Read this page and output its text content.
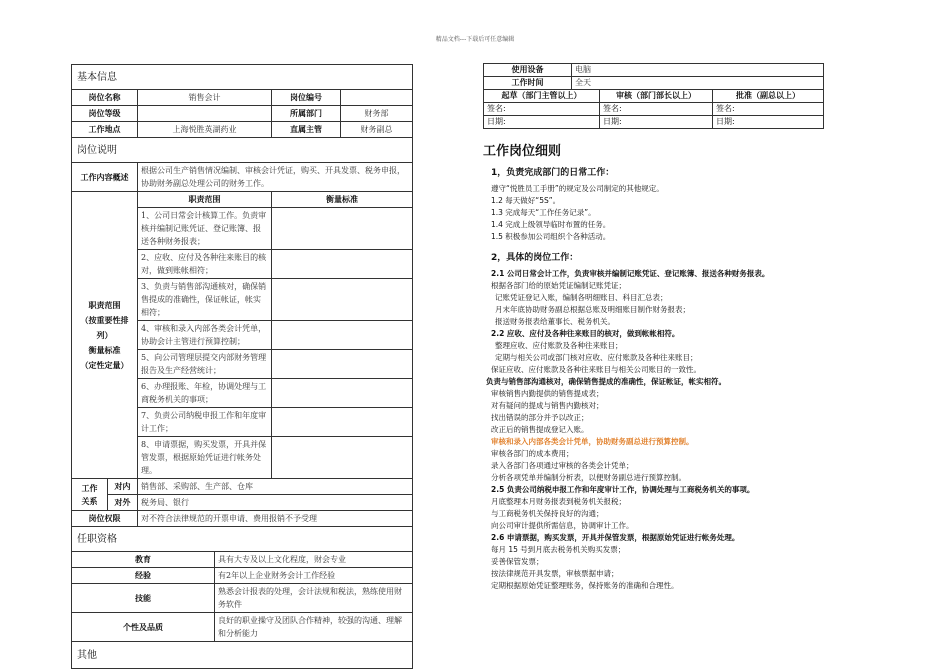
精品文档---下载后可任意编辑
基本信息					
岗位名称		销售会计		岗位编号	
岗位等级				所属部门	财务部
工作地点		上海悦胜英湖药业		直属主管	财务副总
岗位说明					
工作内容概述		根据公司生产销售情况编制、审核会计凭证，购买、开具发票、税务申报，协助财务副总处理公司的财务工作。			

职责范围
（按重要性排列）
衡量标准
（定性定量）		职责范围		衡量标准	
		1、公司日常会计核算工作。负责审核并编制记账凭证、登记账簿、报送各种财务报表；			
		2、应收、应付及各种往来账目的核对，做到账帐相符；			
		3、负责与销售部沟通核对，确保销售提成的准确性，保证帐证，帐实相符；			
		4、审核和录入内部各类会计凭单，协助会计主管进行预算控制；			
		5、向公司管理层提交内部财务管理报告及生产经营统计；			
		6、办理报账、年检，协调处理与工商税务机关的事项；			
		7、负责公司纳税申报工作和年度审计工作；			
		8、申请票据，购买发票，开具并保管发票，根据原始凭证进行帐务处理。			

工作
关系	对内	销售部、采购部、生产部、仓库			
	对外	税务局、银行			
岗位权限		对不符合法律规范的开票申请、费用报销不予受理			
任职资格					
教育			具有大专及以上文化程度，财会专业		
经验			有2年以上企业财务会计工作经验		
技能			熟悉会计报表的处理，会计法规和税法，熟练使用财务软件		
个性及品质			良好的职业操守及团队合作精神，较强的沟通、理解和分析能力		
其他					
使用设备	电脑		
工作时间	全天		
起草（部门主管以上）		审核（部门部长以上）	批准（副总以上）
签名:		签名:	签名:
日期:		日期:	日期:
工作岗位细则
1，负责完成部门的日常工作：
遵守“悦胜员工手册”的规定及公司制定的其他规定。
1.2 每天做好“5S”。
1.3 完成每天“工作任务记录”。
1.4 完成上级领导临时布置的任务。
1.5 积极参加公司组织个各种活动。
2，具体的岗位工作：
2.1 公司日常会计工作，负责审核并编制记账凭证、登记账簿、报送各种财务报表。
根据各部门给的原始凭证编制记账凭证；
记账凭证登记入账，编制各明细账目、科目汇总表；
月末年底协助财务副总根据总账及明细账目制作财务报表；
报送财务报表给董事长、税务机关。
2.2 应收、应付及各种往来账目的核对，做到帐帐相符。
整理应收、应付账款及各种往来账目；
定期与相关公司或部门核对应收、应付账款及各种往来账目；
保证应收、应付账款及各种往来账目与相关公司账目的一致性。
负责与销售部沟通核对，确保销售提成的准确性，保证帐证，帐实相符。
审核销售内勤提供的销售提成表；
对有疑问的提成与销售内勤核对；
找出错误的部分并予以改正；
改正后的销售提成登记入账。
审核和录入内部各类会计凭单，协助财务副总进行预算控制。
审核各部门的成本费用；
录入各部门各项通过审核的各类会计凭单；
分析各项凭单并编制分析表，以便财务副总进行预算控制。
2.5 负责公司纳税申报工作和年度审计工作，协调处理与工商税务机关的事项。
月底整理本月财务报表到税务机关报税；
与工商税务机关保持良好的沟通；
向公司审计提供所需信息，协调审计工作。
2.6 申请票据，购买发票，开具并保管发票，根据原始凭证进行帐务处理。
每月 15 号到月底去税务机关购买发票；
妥善保管发票；
按法律规范开具发票，审核票据申请；
定期根据原始凭证整理账务，保持账务的准确和合理性。
